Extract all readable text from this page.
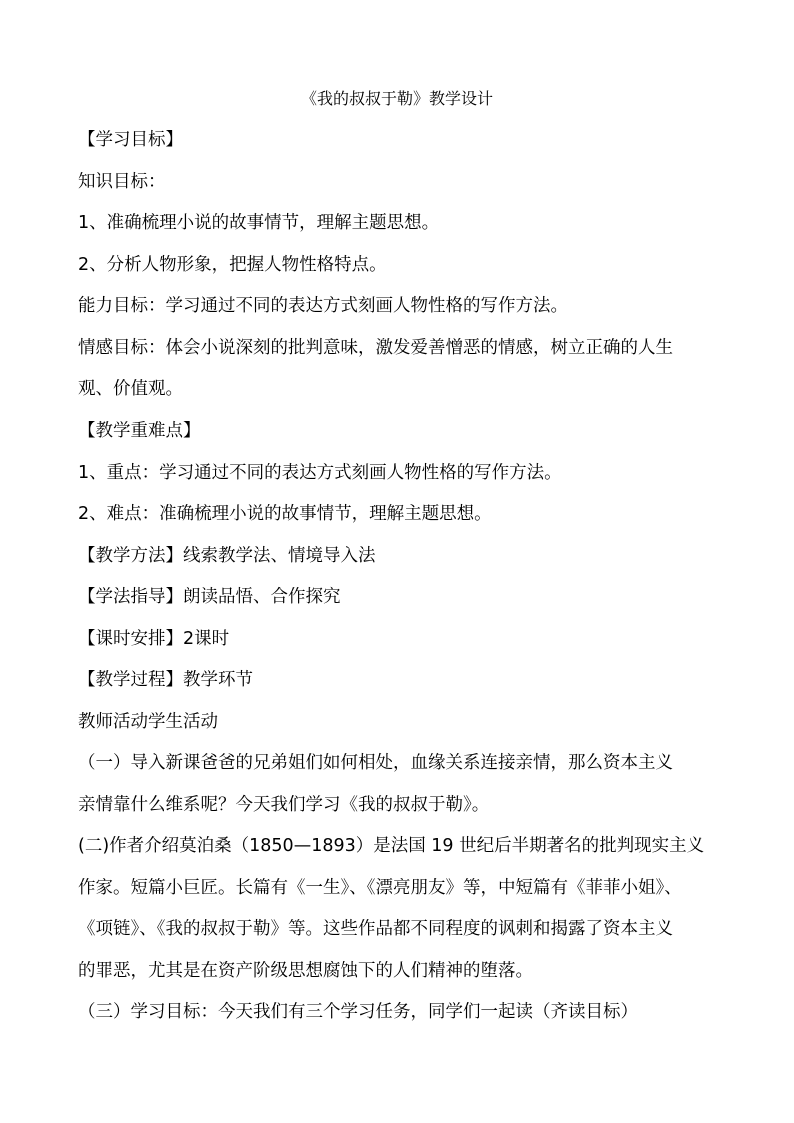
《我的叔叔于勒》教学设计
【学习目标】
知识目标：
1、准确梳理小说的故事情节，理解主题思想。
2、分析人物形象，把握人物性格特点。
能力目标：学习通过不同的表达方式刻画人物性格的写作方法。
情感目标：体会小说深刻的批判意味，激发爱善憎恶的情感，树立正确的人生
观、价值观。
【教学重难点】
1、重点：学习通过不同的表达方式刻画人物性格的写作方法。
2、难点：准确梳理小说的故事情节，理解主题思想。
【教学方法】线索教学法、情境导入法
【学法指导】朗读品悟、合作探究
【课时安排】2课时
【教学过程】教学环节
教师活动学生活动
（一）导入新课爸爸的兄弟姐们如何相处，血缘关系连接亲情，那么资本主义
亲情靠什么维系呢？今天我们学习《我的叔叔于勒》。
(二)作者介绍莫泊桑（1850—1893）是法国 19 世纪后半期著名的批判现实主义
作家。短篇小巨匠。长篇有《一生》、《漂亮朋友》等，中短篇有《菲菲小姐》、
《项链》、《我的叔叔于勒》等。这些作品都不同程度的讽刺和揭露了资本主义
的罪恶，尤其是在资产阶级思想腐蚀下的人们精神的堕落。
（三）学习目标：今天我们有三个学习任务，同学们一起读（齐读目标）
